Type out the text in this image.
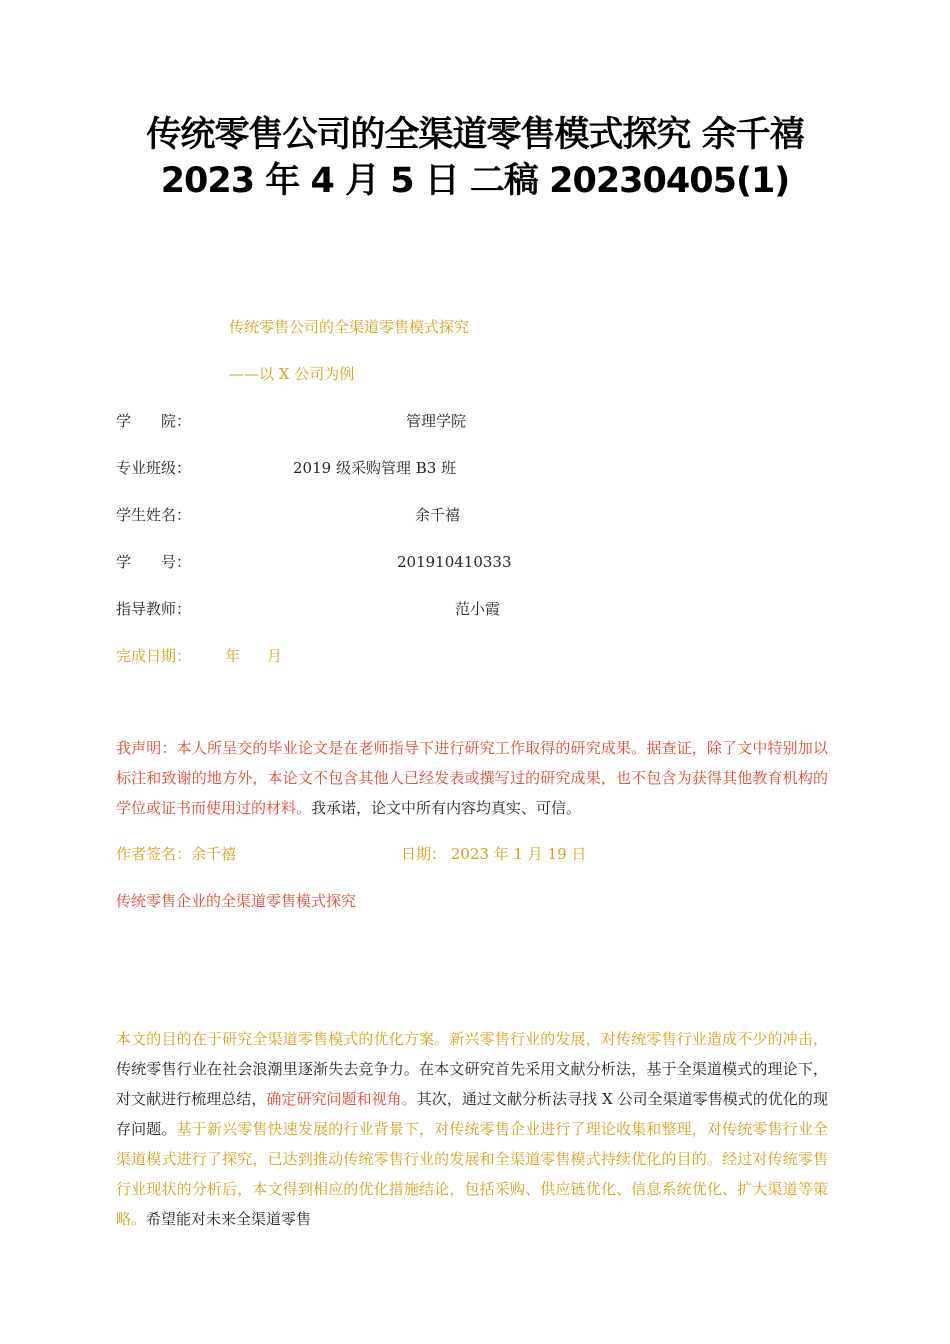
传统零售公司的全渠道零售模式探究 余千禧
2023 年 4 月 5 日 二稿 20230405(1)
传统零售公司的全渠道零售模式探究
——以 X 公司为例
学　　院：	管理学院
专业班级：	2019 级采购管理 B3 班
学生姓名：	余千禧
学　　号：	201910410333
指导教师：	范小霞
完成日期： 年 月

我声明：本人所呈交的毕业论文是在老师指导下进行研究工作取得的研究成果。据查证，除了文中特别加以标注和致谢的地方外，本论文不包含其他人已经发表或撰写过的研究成果，也不包含为获得其他教育机构的学位或证书而使用过的材料。我承诺，论文中所有内容均真实、可信。

作者签名：余千禧	日期： 2023 年 1 月 19 日
传统零售企业的全渠道零售模式探究

本文的目的在于研究全渠道零售模式的优化方案。新兴零售行业的发展，对传统零售行业造成不少的冲击，传统零售行业在社会浪潮里逐渐失去竞争力。在本文研究首先采用文献分析法，基于全渠道模式的理论下，对文献进行梳理总结，确定研究问题和视角。其次，通过文献分析法寻找 X 公司全渠道零售模式的优化的现存问题。基于新兴零售快速发展的行业背景下，对传统零售企业进行了理论收集和整理，对传统零售行业全渠道模式进行了探究，已达到推动传统零售行业的发展和全渠道零售模式持续优化的目的。经过对传统零售行业现状的分析后，本文得到相应的优化措施结论，包括采购、供应链优化、信息系统优化、扩大渠道等策略。希望能对未来全渠道零售
